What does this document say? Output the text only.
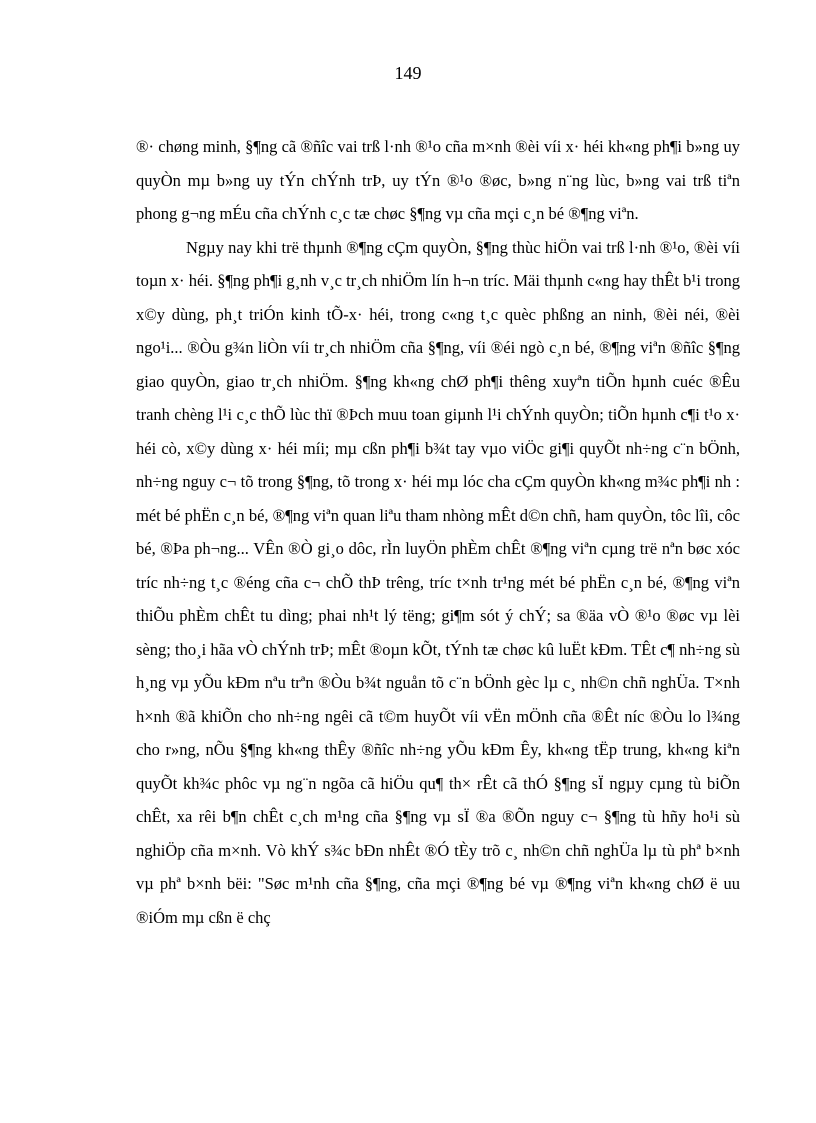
149

®· chøng minh, §¶ng cã ®ñîc vai trß l·nh ®¹o cña m×nh ®èi víi x· héi kh«ng ph¶i b»ng uy quyÒn mµ b»ng uy tÝn chÝnh trÞ, uy tÝn ®¹o ®øc, b»ng n¨ng lùc, b»ng vai trß tiªn phong g¬ng mÉu cña chÝnh c¸c tæ chøc §¶ng vµ cña mçi c¸n bé ®¶ng viªn.

Ngµy nay khi trë thµnh ®¶ng cÇm quyÒn, §¶ng thùc hiÖn vai trß l·nh ®¹o, ®èi víi toµn x· héi. §¶ng ph¶i g¸nh v¸c tr¸ch nhiÖm lín h¬n tríc. Mäi thµnh c«ng hay thÊt b¹i trong x©y dùng, ph¸t triÓn kinh tÕ-x· héi, trong c«ng t¸c quèc phßng an ninh, ®èi néi, ®èi ngo¹i... ®Òu g¾n liÒn víi tr¸ch nhiÖm cña §¶ng, víi ®éi ngò c¸n bé, ®¶ng viªn ®ñîc §¶ng giao quyÒn, giao tr¸ch nhiÖm. §¶ng kh«ng chØ ph¶i thêng xuyªn tiÕn hµnh cuéc ®Êu tranh chèng l¹i c¸c thÕ lùc thï ®Þch muu toan giµnh l¹i chÝnh quyÒn; tiÕn hµnh c¶i t¹o x· héi cò, x©y dùng x· héi míi; mµ cßn ph¶i b¾t tay vµo viÖc gi¶i quyÕt nh÷ng c¨n bÖnh, nh÷ng nguy c¬ tõ trong §¶ng, tõ trong x· héi mµ lóc cha cÇm quyÒn kh«ng m¾c ph¶i nh : mét bé phËn c¸n bé, ®¶ng viªn quan liªu tham nhòng mÊt d©n chñ, ham quyÒn, tôc lîi, côc bé, ®Þa ph¬ng... VÊn ®Ò gi¸o dôc, rÌn luyÖn phÈm chÊt ®¶ng viªn cµng trë nªn bøc xóc tríc nh÷ng t¸c ®éng cña c¬ chÕ thÞ trêng, tríc t×nh tr¹ng mét bé phËn c¸n bé, ®¶ng viªn thiÕu phÈm chÊt tu dìng; phai nh¹t lý tëng; gi¶m sót ý chÝ; sa ®äa vÒ ®¹o ®øc vµ lèi sèng; tho¸i hãa vÒ chÝnh trÞ; mÊt ®oµn kÕt, tÝnh tæ chøc kû luËt kÐm. TÊt c¶ nh÷ng sù h¸ng vµ yÕu kÐm nªu trªn ®Òu b¾t nguån tõ c¨n bÖnh gèc lµ c¸ nh©n chñ nghÜa. T×nh h×nh ®ã khiÕn cho nh÷ng ngêi cã t©m huyÕt víi vËn mÖnh cña ®Êt níc ®Òu lo l¾ng cho r»ng, nÕu §¶ng kh«ng thÊy ®ñîc nh÷ng yÕu kÐm Êy, kh«ng tËp trung, kh«ng kiªn quyÕt kh¾c phôc vµ ng¨n ngõa cã hiÖu qu¶ th× rÊt cã thÓ §¶ng sÏ ngµy cµng tù biÕn chÊt, xa rêi b¶n chÊt c¸ch m¹ng cña §¶ng vµ sÏ ®a ®Õn nguy c¬ §¶ng tù hñy ho¹i sù nghiÖp cña m×nh. Vò khÝ s¾c bÐn nhÊt ®Ó tÈy trõ c¸ nh©n chñ nghÜa lµ tù phª b×nh vµ phª b×nh bëi: "Søc m¹nh cña §¶ng, cña mçi ®¶ng bé vµ ®¶ng viªn kh«ng chØ ë uu ®iÓm mµ cßn ë chç
